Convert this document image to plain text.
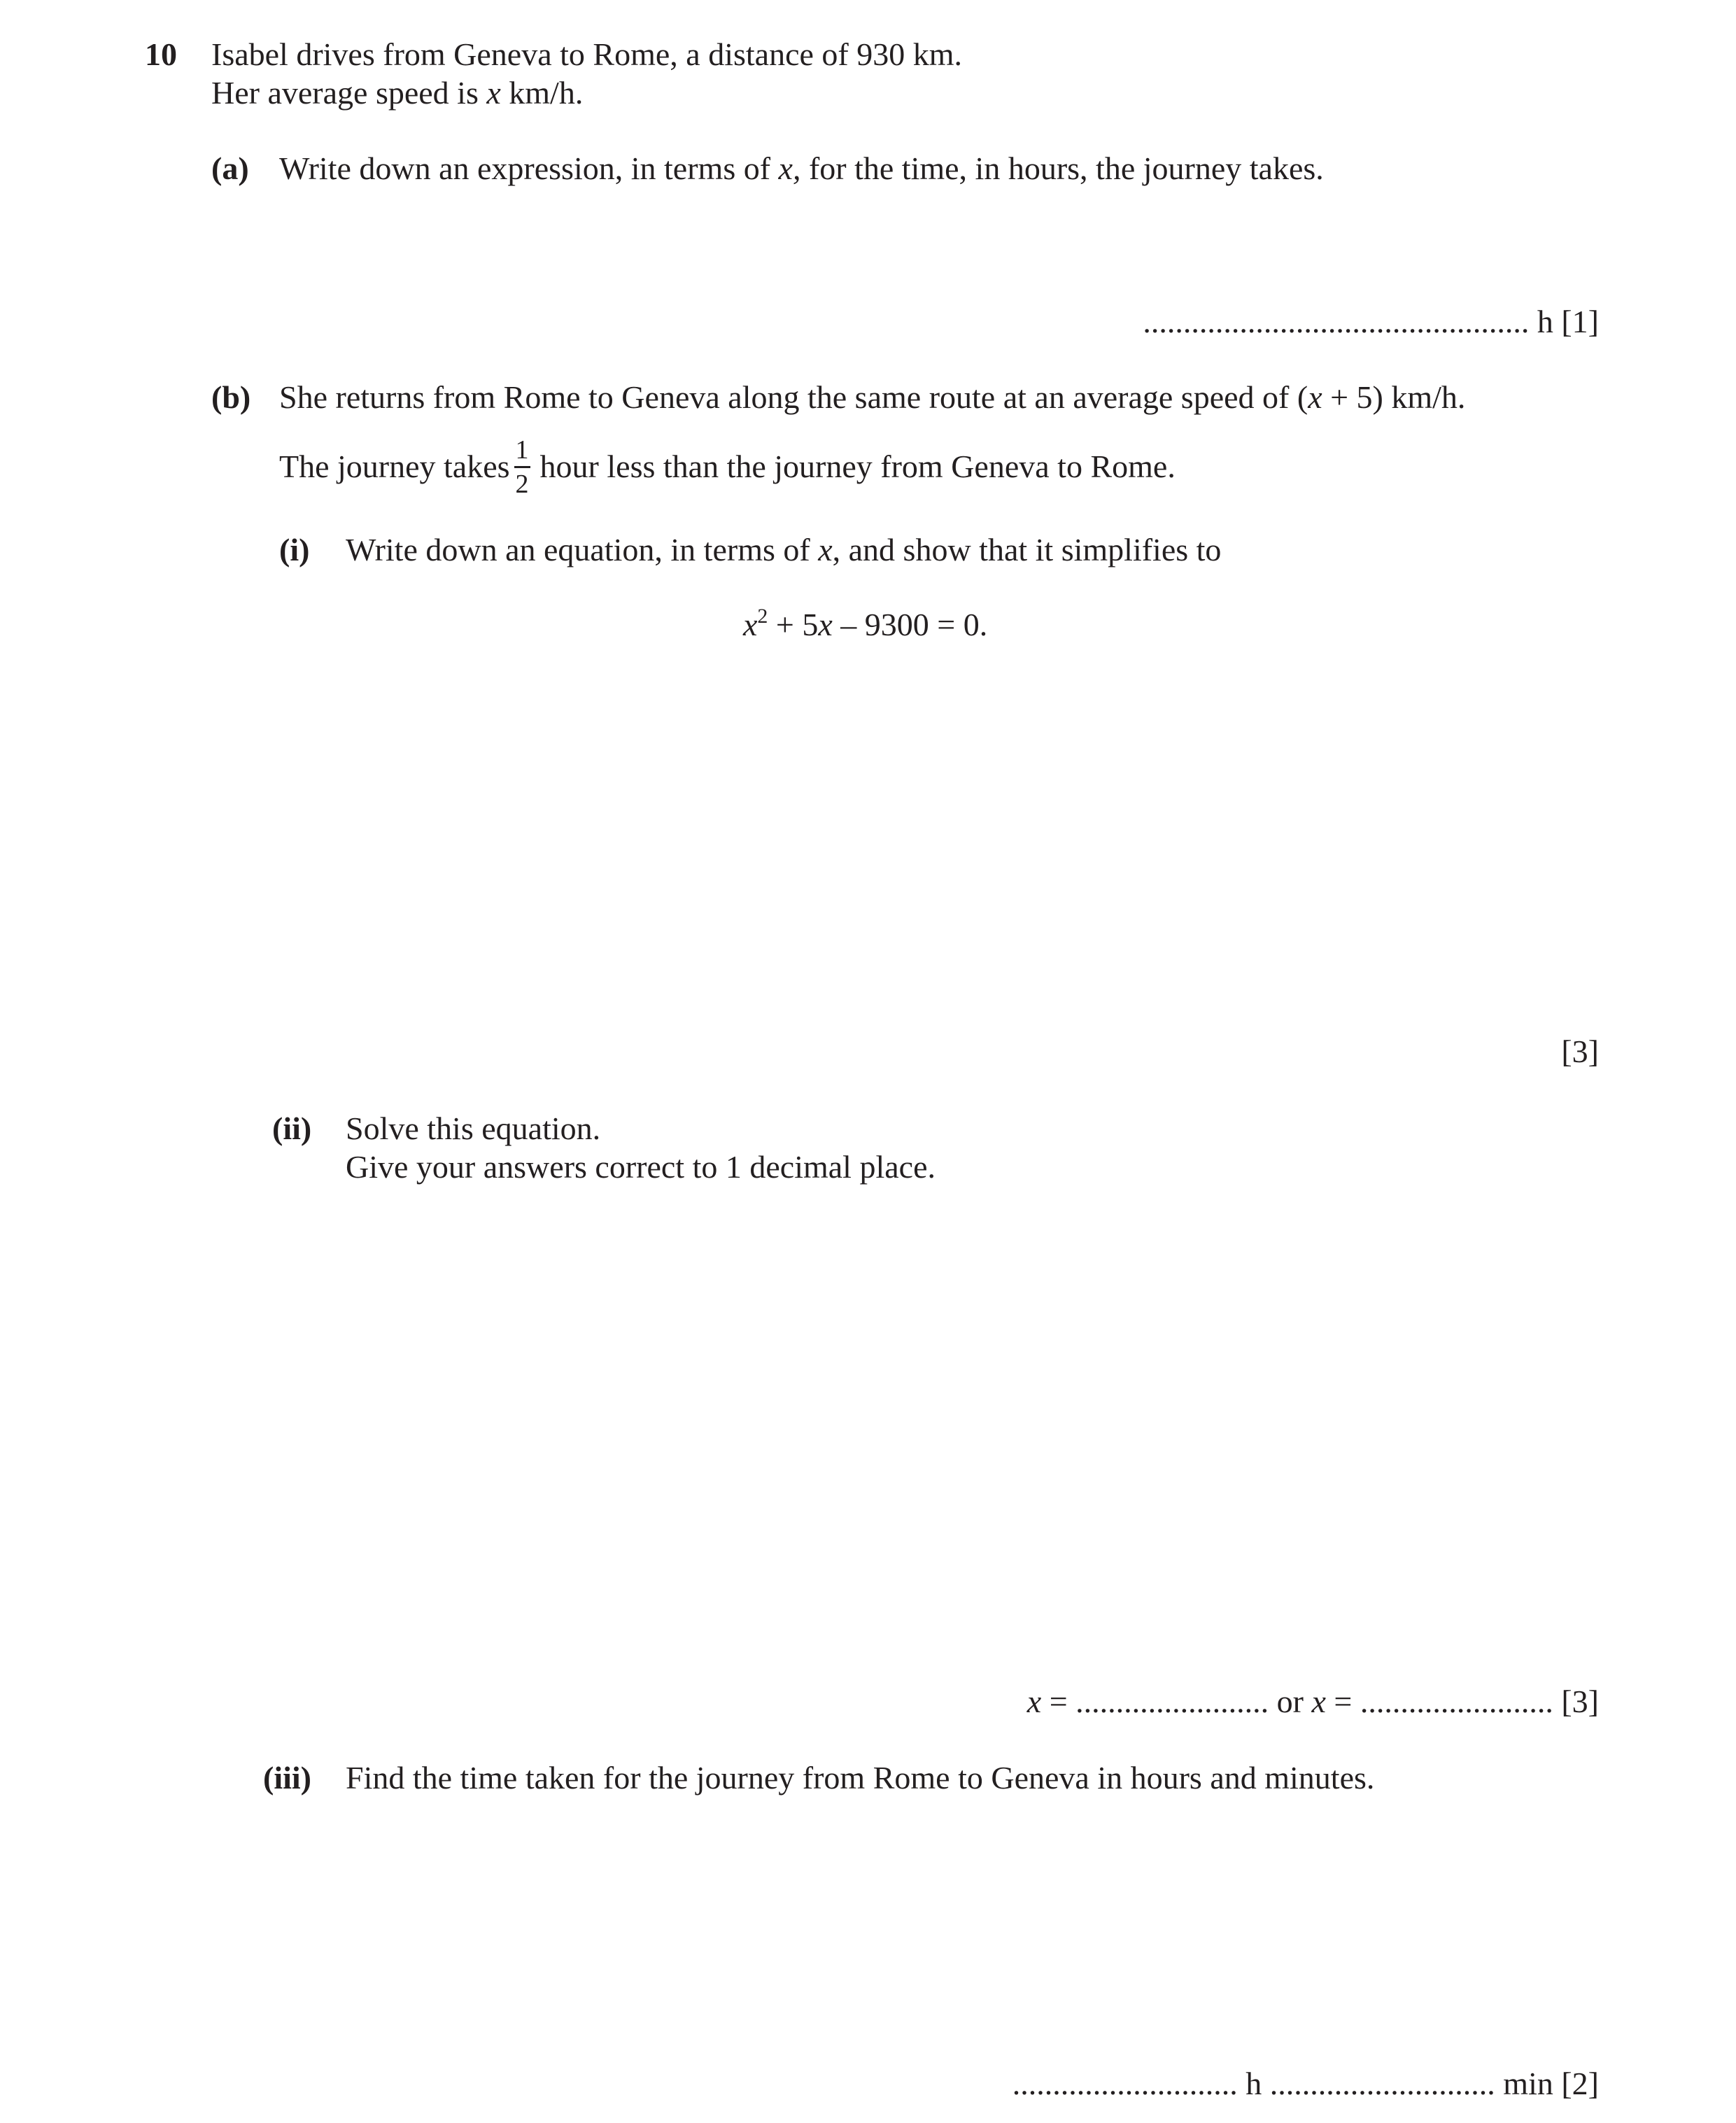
10 Isabel drives from Geneva to Rome, a distance of 930 km.
Her average speed is x km/h.
(a) Write down an expression, in terms of x, for the time, in hours, the journey takes.
................................................ h [1]
(b) She returns from Rome to Geneva along the same route at an average speed of (x + 5) km/h.
The journey takes $\frac{1}{2}$ hour less than the journey from Geneva to Rome.
(i) Write down an equation, in terms of x, and show that it simplifies to
$x^2 + 5x - 9300 = 0$.
[3]
(ii) Solve this equation.
Give your answers correct to 1 decimal place.
x = ........................ or x = ........................ [3]
(iii) Find the time taken for the journey from Rome to Geneva in hours and minutes.
............................ h ............................ min [2]
